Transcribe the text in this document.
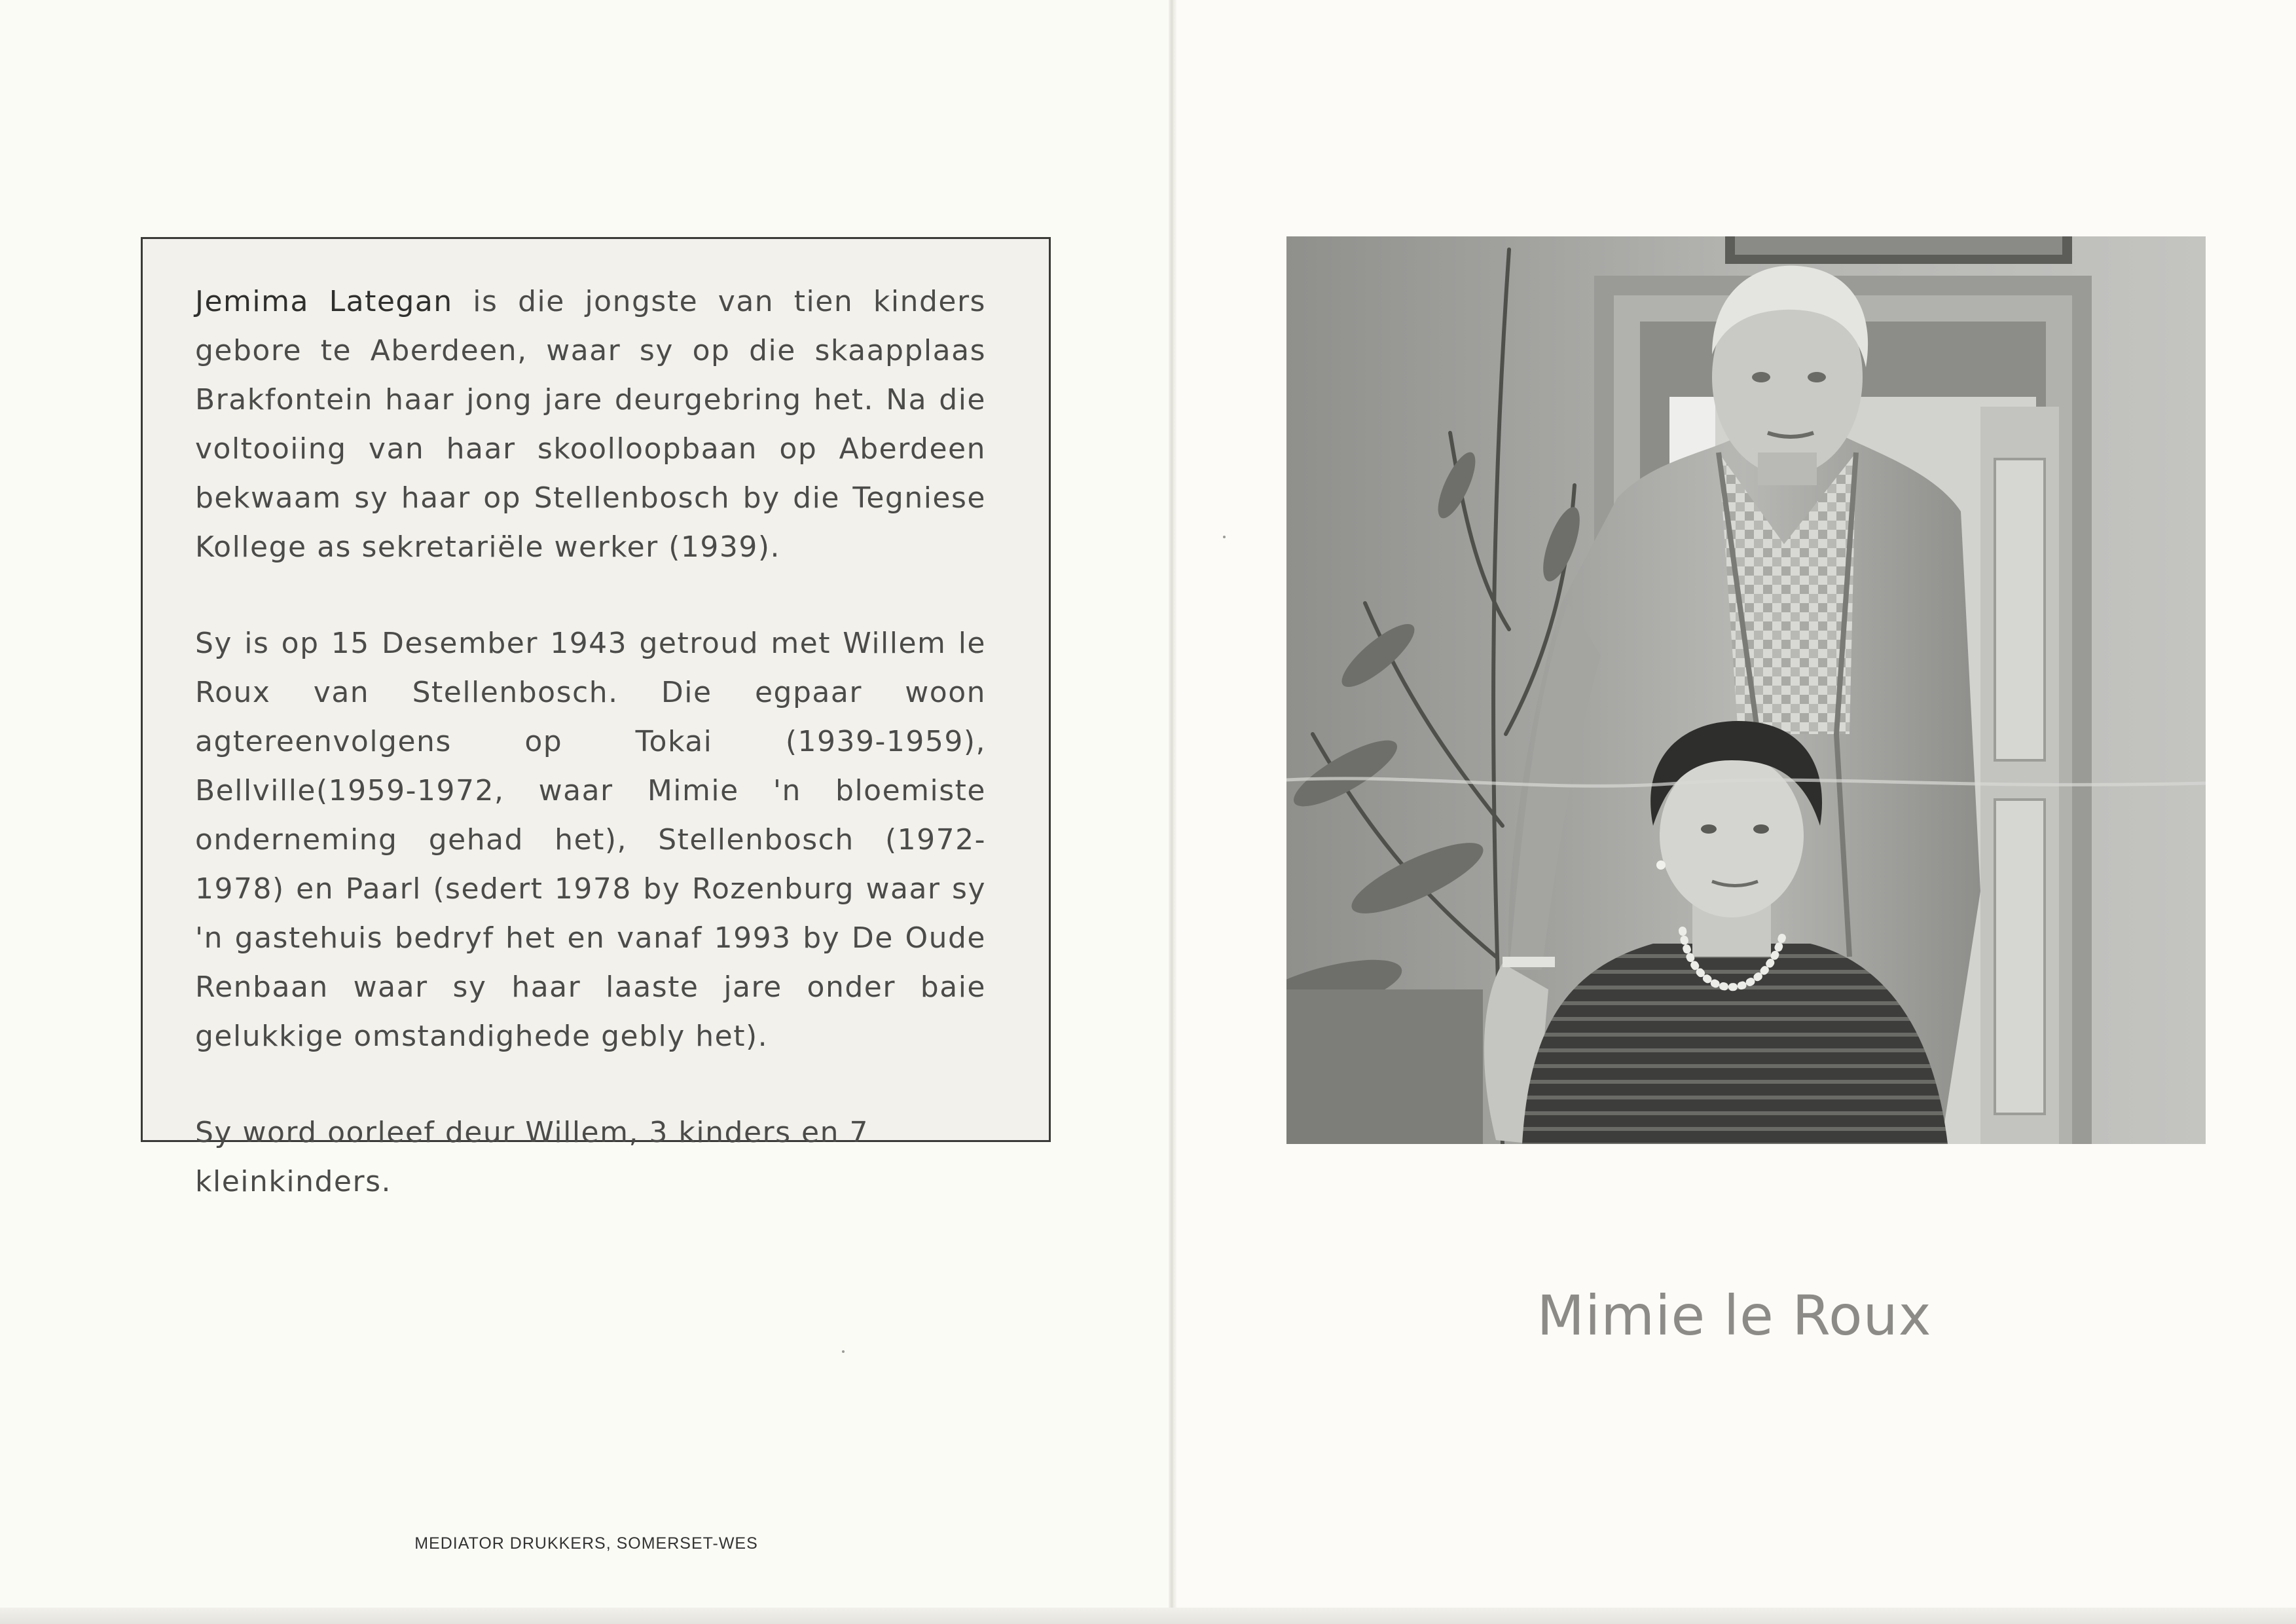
Jemima Lategan is die jongste van tien kinders gebore te Aberdeen, waar sy op die skaapplaas Brakfontein haar jong jare deurgebring het. Na die voltooiing van haar skoolloopbaan op Aberdeen bekwaam sy haar op Stellenbosch by die Tegniese Kollege as sekretariële werker (1939).

Sy is op 15 Desember 1943 getroud met Willem le Roux van Stellenbosch. Die egpaar woon agtereenvolgens op Tokai (1939-1959), Bellville(1959-1972, waar Mimie 'n bloemiste onderneming gehad het), Stellenbosch (1972-1978) en Paarl (sedert 1978 by Rozenburg waar sy 'n gastehuis bedryf het en vanaf 1993 by De Oude Renbaan waar sy haar laaste jare onder baie gelukkige omstandighede gebly het).

Sy word oorleef deur Willem, 3 kinders en 7 kleinkinders.

MEDIATOR DRUKKERS, SOMERSET-WES
Mimie le Roux
